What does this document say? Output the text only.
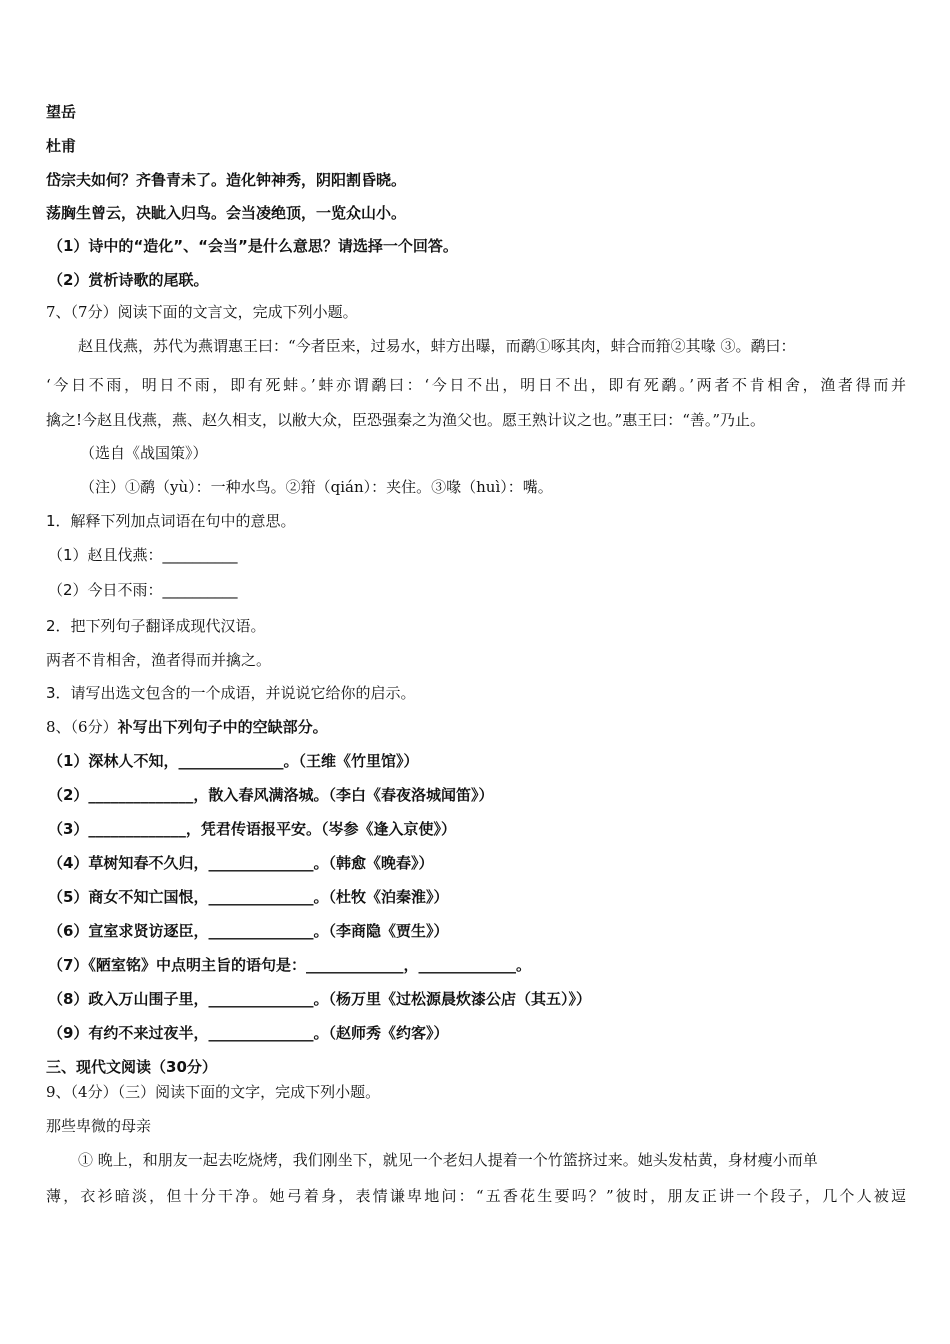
望岳
杜甫
岱宗夫如何？齐鲁青未了。造化钟神秀，阴阳割昏晓。
荡胸生曾云，决眦入归鸟。会当凌绝顶，一览众山小。
（1）诗中的“造化”、“会当”是什么意思？请选择一个回答。
（2）赏析诗歌的尾联。
7、（7分）阅读下面的文言文，完成下列小题。
赵且伐燕，苏代为燕谓惠王曰：“今者臣来，过易水，蚌方出曝，而鹬①啄其肉，蚌合而箝②其喙 ③。鹬曰：
‘今日不雨，明日不雨，即有死蚌。’蚌亦谓鹬曰：‘今日不出，明日不出，即有死鹬。’两者不肯相舍，渔者得而并
擒之!今赵且伐燕，燕、赵久相支，以敝大众，臣恐强秦之为渔父也。愿王熟计议之也。”惠王曰：“善。”乃止。
（选自《战国策》）
（注）①鹬（yù）：一种水鸟。②箝（qián）：夹住。③喙（huì）：嘴。
1．解释下列加点词语在句中的意思。
（1）赵且伐燕：__________
（2）今日不雨：__________
2．把下列句子翻译成现代汉语。
两者不肯相舍，渔者得而并擒之。
3．请写出选文包含的一个成语，并说说它给你的启示。
8、（6分）补写出下列句子中的空缺部分。
（1）深林人不知，______________。（王维《竹里馆》）
（2）______________，散入春风满洛城。（李白《春夜洛城闻笛》）
（3）_____________，凭君传语报平安。（岑参《逢入京使》）
（4）草树知春不久归，______________。（韩愈《晚春》）
（5）商女不知亡国恨，______________。（杜牧《泊秦淮》）
（6）宣室求贤访逐臣，______________。（李商隐《贾生》）
（7）《陋室铭》中点明主旨的语句是：_____________，_____________。
（8）政入万山围子里，______________。（杨万里《过松源晨炊漆公店（其五）》）
（9）有约不来过夜半，______________。（赵师秀《约客》）
三、现代文阅读（30分）
9、（4分）（三）阅读下面的文字，完成下列小题。
那些卑微的母亲
① 晚上，和朋友一起去吃烧烤，我们刚坐下，就见一个老妇人提着一个竹篮挤过来。她头发枯黄，身材瘦小而单
薄，衣衫暗淡，但十分干净。她弓着身，表情谦卑地问：“五香花生要吗？”彼时，朋友正讲一个段子，几个人被逗
